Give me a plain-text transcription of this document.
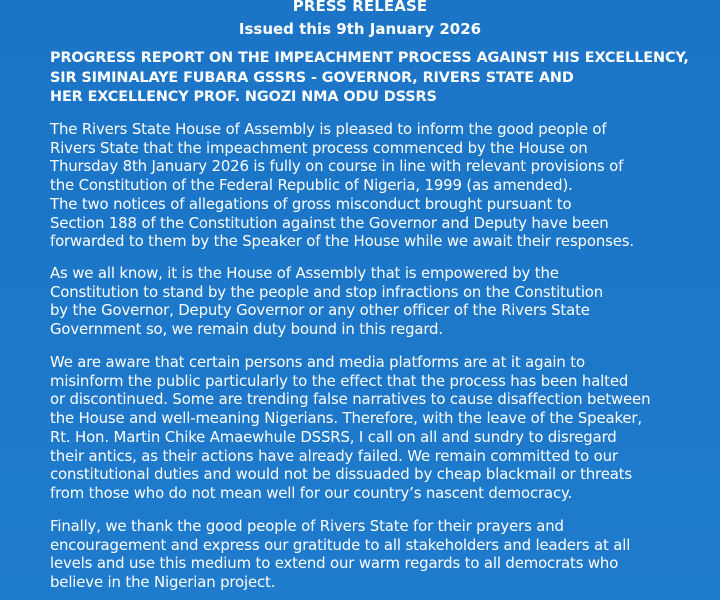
PRESS RELEASE
Issued this 9th January 2026
PROGRESS REPORT ON THE IMPEACHMENT PROCESS AGAINST HIS EXCELLENCY,
SIR SIMINALAYE FUBARA GSSRS - GOVERNOR, RIVERS STATE AND
HER EXCELLENCY PROF. NGOZI NMA ODU DSSRS
The Rivers State House of Assembly is pleased to inform the good people of
Rivers State that the impeachment process commenced by the House on
Thursday 8th January 2026 is fully on course in line with relevant provisions of
the Constitution of the Federal Republic of Nigeria, 1999 (as amended).
The two notices of allegations of gross misconduct brought pursuant to
Section 188 of the Constitution against the Governor and Deputy have been
forwarded to them by the Speaker of the House while we await their responses.
As we all know, it is the House of Assembly that is empowered by the
Constitution to stand by the people and stop infractions on the Constitution
by the Governor, Deputy Governor or any other officer of the Rivers State
Government so, we remain duty bound in this regard.
We are aware that certain persons and media platforms are at it again to
misinform the public particularly to the effect that the process has been halted
or discontinued. Some are trending false narratives to cause disaffection between
the House and well-meaning Nigerians. Therefore, with the leave of the Speaker,
Rt. Hon. Martin Chike Amaewhule DSSRS, I call on all and sundry to disregard
their antics, as their actions have already failed. We remain committed to our
constitutional duties and would not be dissuaded by cheap blackmail or threats
from those who do not mean well for our country’s nascent democracy.
Finally, we thank the good people of Rivers State for their prayers and
encouragement and express our gratitude to all stakeholders and leaders at all
levels and use this medium to extend our warm regards to all democrats who
believe in the Nigerian project.
